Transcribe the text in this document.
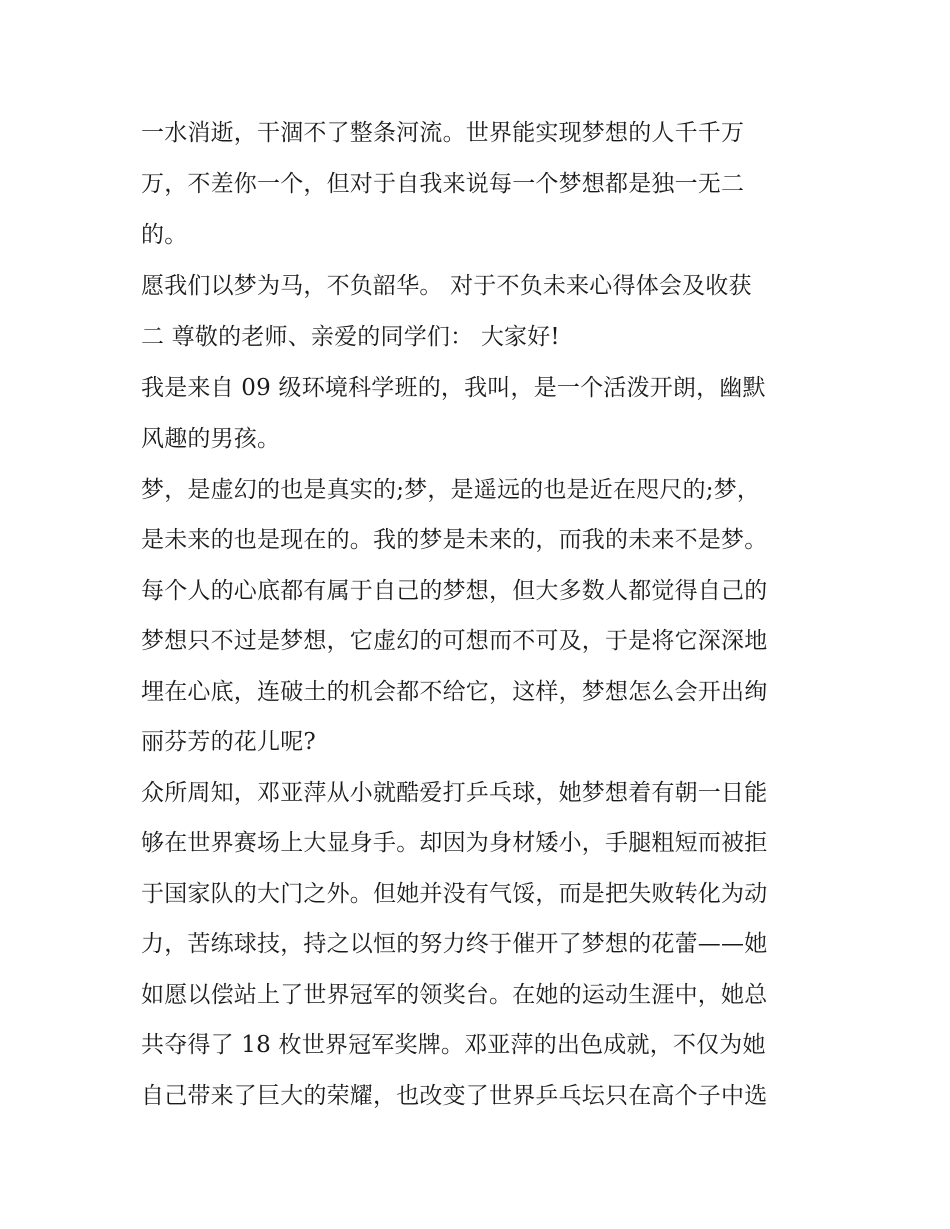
一水消逝，干涸不了整条河流。世界能实现梦想的人千千万
万，不差你一个，但对于自我来说每一个梦想都是独一无二
的。
愿我们以梦为马，不负韶华。 对于不负未来心得体会及收获
二 尊敬的老师、亲爱的同学们： 大家好!
我是来自 09 级环境科学班的，我叫，是一个活泼开朗，幽默
风趣的男孩。
梦，是虚幻的也是真实的;梦，是遥远的也是近在咫尺的;梦，
是未来的也是现在的。我的梦是未来的，而我的未来不是梦。
每个人的心底都有属于自己的梦想，但大多数人都觉得自己的
梦想只不过是梦想，它虚幻的可想而不可及，于是将它深深地
埋在心底，连破土的机会都不给它，这样，梦想怎么会开出绚
丽芬芳的花儿呢?
众所周知，邓亚萍从小就酷爱打乒乓球，她梦想着有朝一日能
够在世界赛场上大显身手。却因为身材矮小，手腿粗短而被拒
于国家队的大门之外。但她并没有气馁，而是把失败转化为动
力，苦练球技，持之以恒的努力终于催开了梦想的花蕾——她
如愿以偿站上了世界冠军的领奖台。在她的运动生涯中，她总
共夺得了 18 枚世界冠军奖牌。邓亚萍的出色成就，不仅为她
自己带来了巨大的荣耀，也改变了世界乒乓坛只在高个子中选
